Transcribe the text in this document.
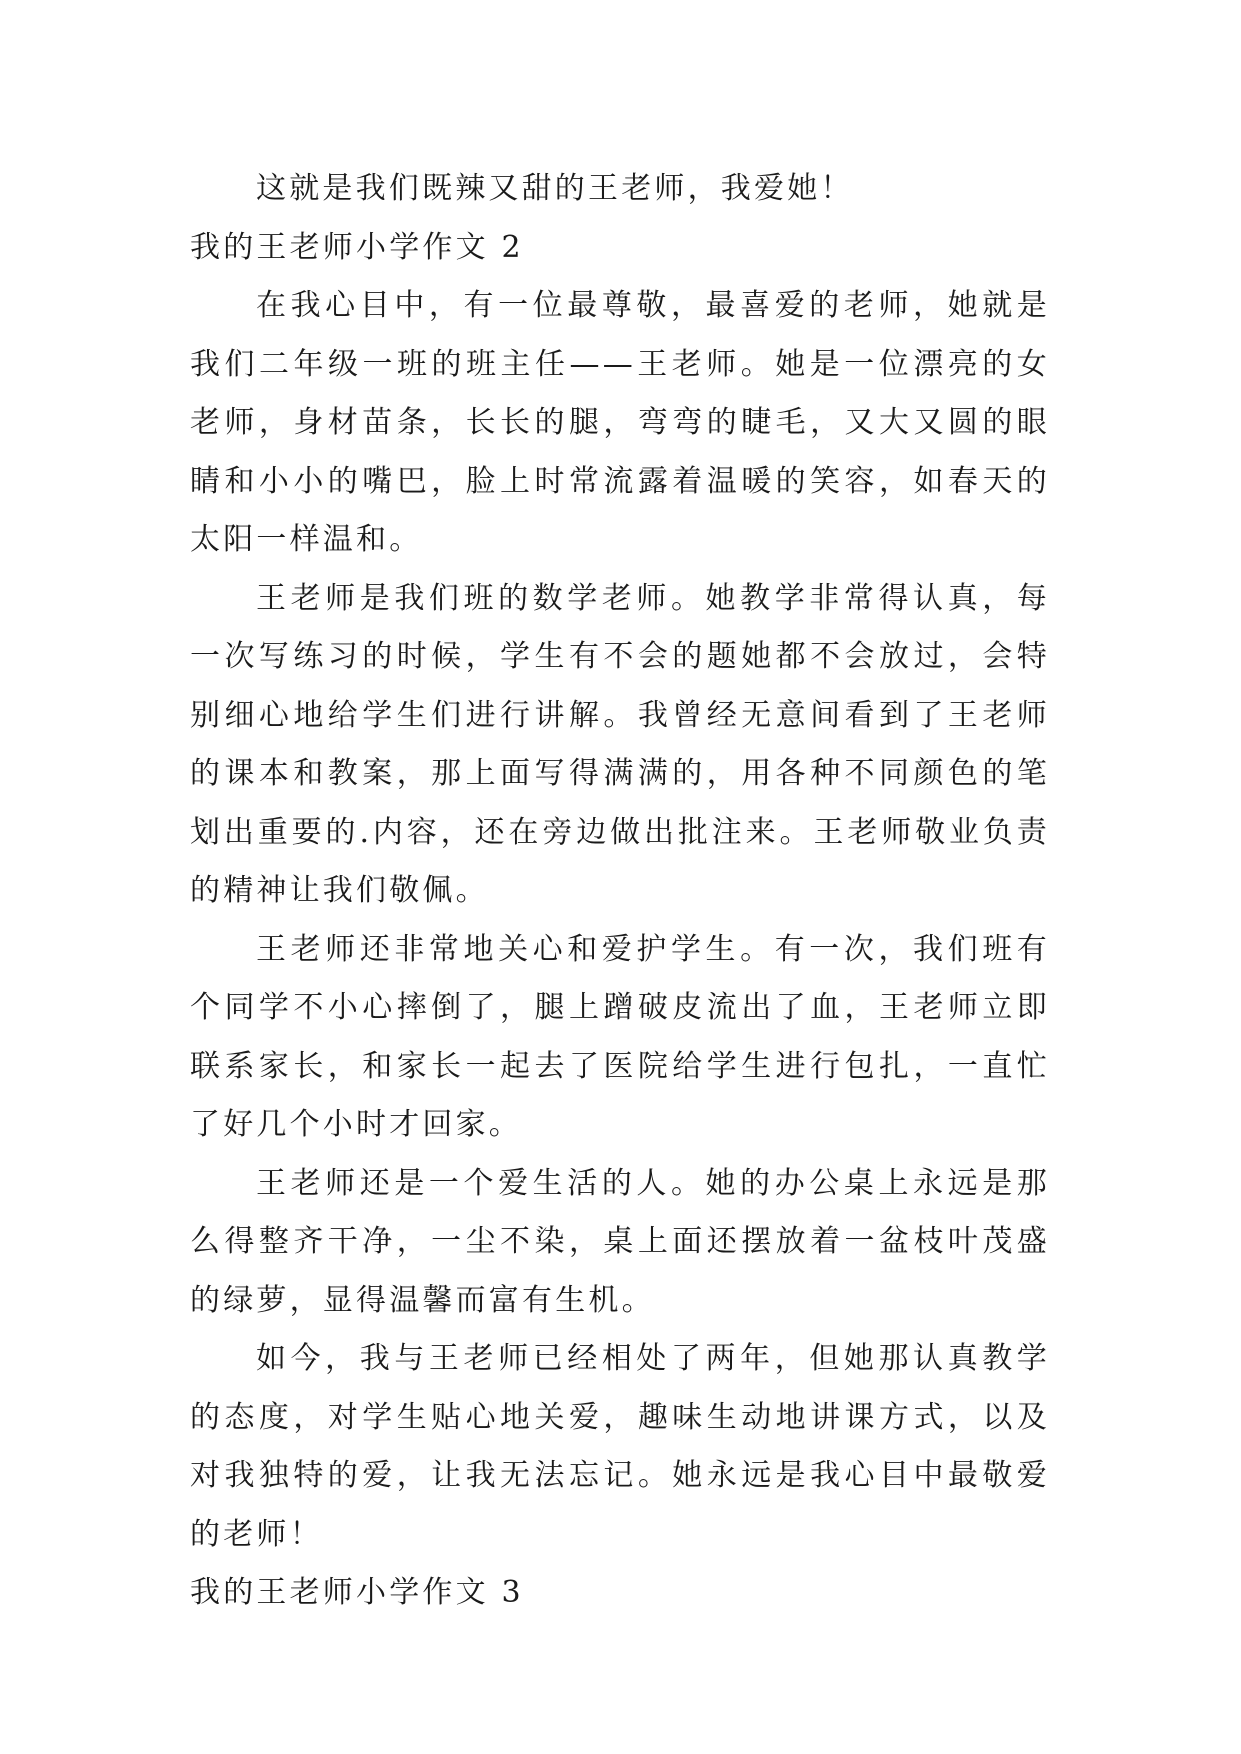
这就是我们既辣又甜的王老师，我爱她！

我的王老师小学作文 2

在我心目中，有一位最尊敬，最喜爱的老师，她就是我们二年级一班的班主任——王老师。她是一位漂亮的女老师，身材苗条，长长的腿，弯弯的睫毛，又大又圆的眼睛和小小的嘴巴，脸上时常流露着温暖的笑容，如春天的太阳一样温和。

王老师是我们班的数学老师。她教学非常得认真，每一次写练习的时候，学生有不会的题她都不会放过，会特别细心地给学生们进行讲解。我曾经无意间看到了王老师的课本和教案，那上面写得满满的，用各种不同颜色的笔划出重要的.内容，还在旁边做出批注来。王老师敬业负责的精神让我们敬佩。

王老师还非常地关心和爱护学生。有一次，我们班有个同学不小心摔倒了，腿上蹭破皮流出了血，王老师立即联系家长，和家长一起去了医院给学生进行包扎，一直忙了好几个小时才回家。

王老师还是一个爱生活的人。她的办公桌上永远是那么得整齐干净，一尘不染，桌上面还摆放着一盆枝叶茂盛的绿萝，显得温馨而富有生机。

如今，我与王老师已经相处了两年，但她那认真教学的态度，对学生贴心地关爱，趣味生动地讲课方式，以及对我独特的爱，让我无法忘记。她永远是我心目中最敬爱的老师！

我的王老师小学作文 3
